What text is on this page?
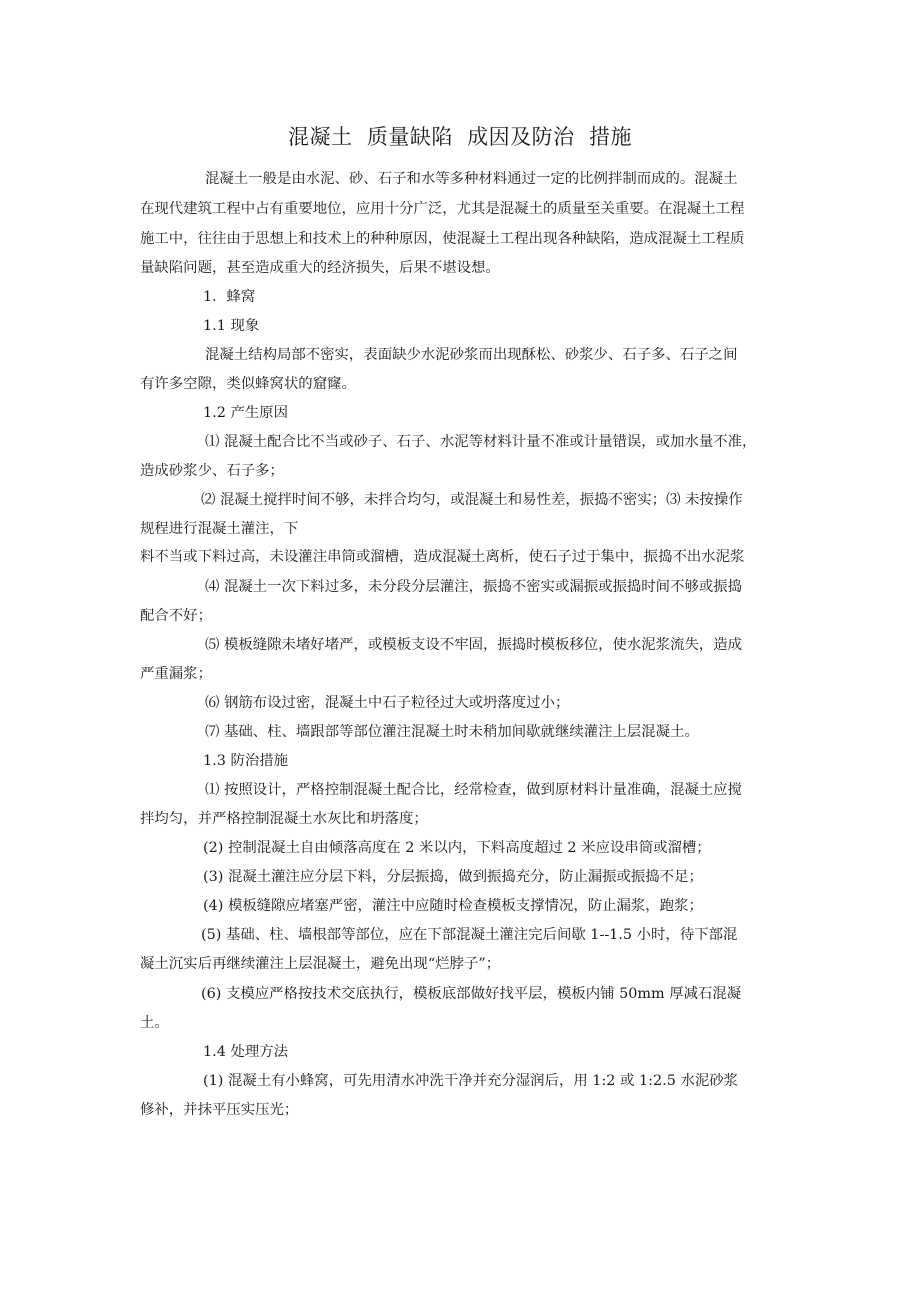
混凝土  质量缺陷  成因及防治  措施
混凝土一般是由水泥、砂、石子和水等多种材料通过一定的比例拌制而成的。混凝土
在现代建筑工程中占有重要地位，应用十分广泛，尤其是混凝土的质量至关重要。在混凝土工程
施工中，往往由于思想上和技术上的种种原因，使混凝土工程出现各种缺陷，造成混凝土工程质
量缺陷问题，甚至造成重大的经济损失，后果不堪设想。
1．蜂窝
1.1 现象
混凝土结构局部不密实，表面缺少水泥砂浆而出现酥松、砂浆少、石子多、石子之间
有许多空隙，类似蜂窝状的窟窿。
1.2 产生原因
⑴ 混凝土配合比不当或砂子、石子、水泥等材料计量不准或计量错误，或加水量不准，
造成砂浆少、石子多；
⑵ 混凝土搅拌时间不够，未拌合均匀，或混凝土和易性差，振捣不密实；⑶ 未按操作
规程进行混凝土灌注，下
料不当或下料过高，未设灌注串筒或溜槽，造成混凝土离析，使石子过于集中，振捣不出水泥浆
⑷ 混凝土一次下料过多，未分段分层灌注，振捣不密实或漏振或振捣时间不够或振捣
配合不好；
⑸ 模板缝隙未堵好堵严，或模板支设不牢固，振捣时模板移位，使水泥浆流失，造成
严重漏浆；
⑹ 钢筋布设过密，混凝土中石子粒径过大或坍落度过小；
⑺ 基础、柱、墙跟部等部位灌注混凝土时未稍加间歇就继续灌注上层混凝土。
1.3 防治措施
⑴ 按照设计，严格控制混凝土配合比，经常检查，做到原材料计量准确，混凝土应搅
拌均匀，并严格控制混凝土水灰比和坍落度；
(2) 控制混凝土自由倾落高度在 2 米以内，下料高度超过 2 米应设串筒或溜槽；
(3) 混凝土灌注应分层下料，分层振捣，做到振捣充分，防止漏振或振捣不足；
(4) 模板缝隙应堵塞严密，灌注中应随时检查模板支撑情况，防止漏浆，跑浆；
(5) 基础、柱、墙根部等部位，应在下部混凝土灌注完后间歇 1--1.5 小时，待下部混
凝土沉实后再继续灌注上层混凝土，避免出现“烂脖子”；
(6) 支模应严格按技术交底执行，模板底部做好找平层，模板内铺 50mm 厚减石混凝
土。
1.4 处理方法
(1) 混凝土有小蜂窝，可先用清水冲洗干净并充分湿润后，用 1:2 或 1:2.5 水泥砂浆
修补，并抹平压实压光；
